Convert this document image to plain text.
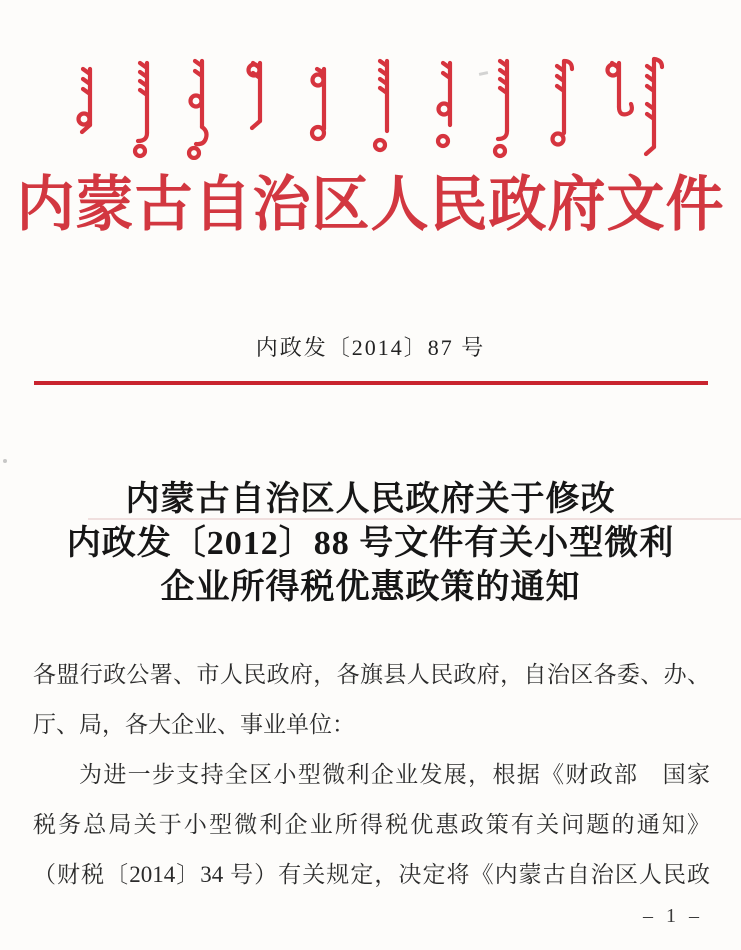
内蒙古自治区人民政府文件
内政发〔2014〕87 号
内蒙古自治区人民政府关于修改
内政发〔2012〕88 号文件有关小型微利
企业所得税优惠政策的通知

各盟行政公署、市人民政府，各旗县人民政府，自治区各委、办、

厅、局，各大企业、事业单位：

为进一步支持全区小型微利企业发展，根据《财政部　国家

税务总局关于小型微利企业所得税优惠政策有关问题的通知》

（财税〔2014〕34 号）有关规定，决定将《内蒙古自治区人民政

– 1 –
